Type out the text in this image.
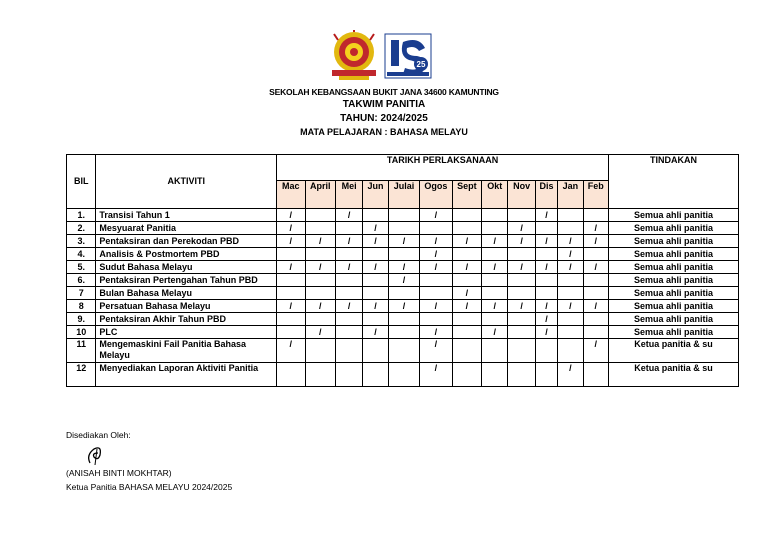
25
SEKOLAH KEBANGSAAN BUKIT JANA 34600 KAMUNTING
TAKWIM PANITIA
TAHUN: 2024/2025
MATA PELAJARAN : BAHASA MELAYU
BIL	AKTIVITI	TARIKH PERLAKSANAAN												TINDAKAN
		Mac	April	Mei	Jun	Julai	Ogos	Sept	Okt	Nov	Dis	Jan	Feb	
1.	Transisi Tahun 1	/		/			/				/			Semua ahli panitia
2.	Mesyuarat Panitia	/			/					/			/	Semua ahli panitia
3.	Pentaksiran dan Perekodan PBD	/	/	/	/	/	/	/	/	/	/	/	/	Semua ahli panitia
4.	Analisis & Postmortem PBD						/					/		Semua ahli panitia
5.	Sudut Bahasa Melayu	/	/	/	/	/	/	/	/	/	/	/	/	Semua ahli panitia
6.	Pentaksiran Pertengahan Tahun PBD					/								Semua ahli panitia
7	Bulan Bahasa Melayu							/						Semua ahli panitia
8	Persatuan Bahasa Melayu	/	/	/	/	/	/	/	/	/	/	/	/	Semua ahli panitia
9.	Pentaksiran Akhir Tahun PBD										/			Semua ahli panitia
10	PLC		/		/		/		/		/			Semua ahli panitia
11	Mengemaskini Fail Panitia Bahasa Melayu	/					/						/	Ketua panitia & su
12	Menyediakan Laporan Aktiviti Panitia						/					/		Ketua panitia & su
Disediakan Oleh:
(ANISAH BINTI MOKHTAR)
Ketua Panitia BAHASA MELAYU 2024/2025
